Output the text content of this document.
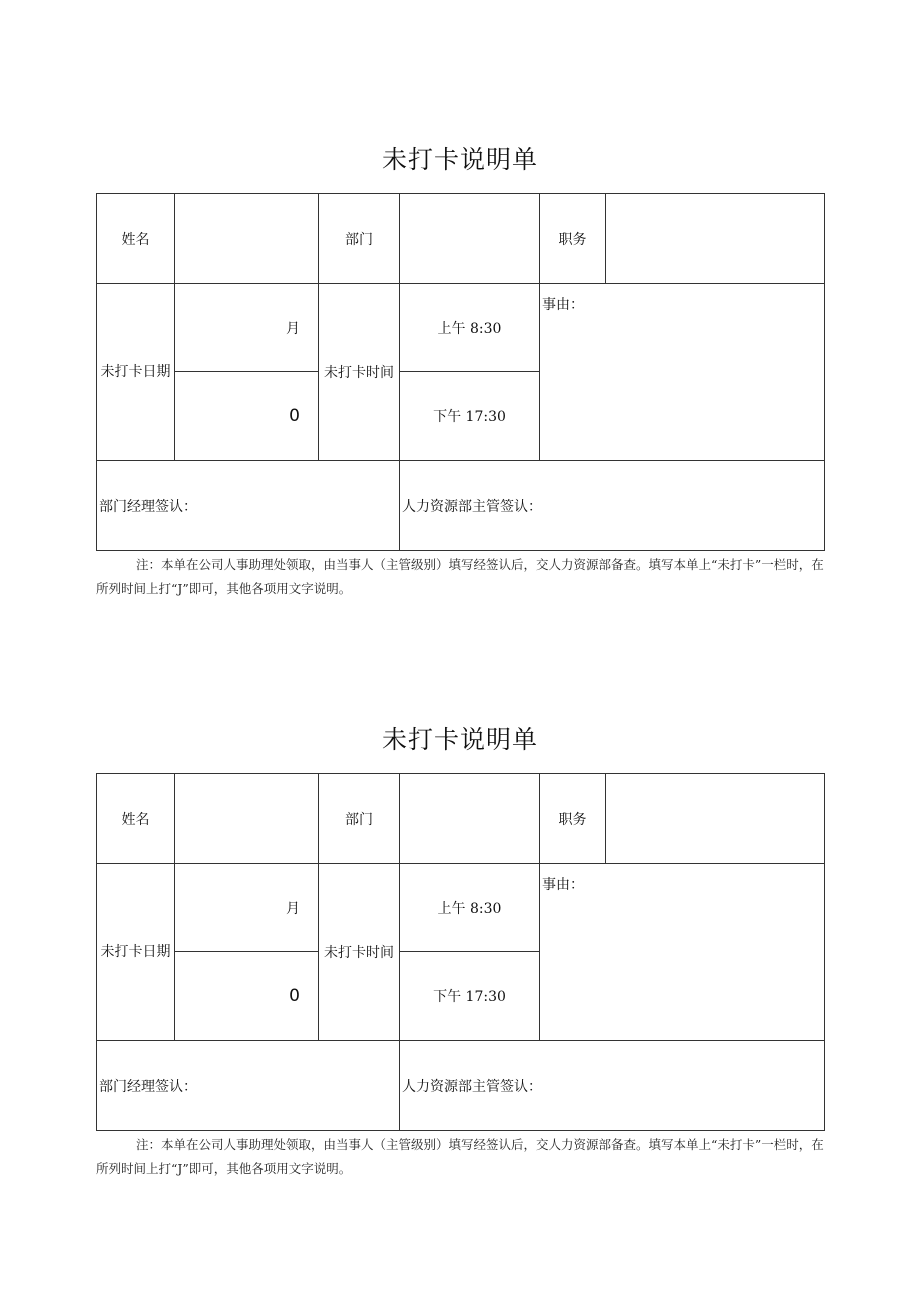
未打卡说明单
姓名		部门		职务	
未打卡日期	月	未打卡时间	上午 8:30	事由：	
	0		下午 17:30		
部门经理签认：			人力资源部主管签认：		
注：本单在公司人事助理处领取，由当事人（主管级别）填写经签认后，交人力资源部备查。填写本单上“未打卡”一栏时，在所列时间上打“J”即可，其他各项用文字说明。
未打卡说明单
姓名		部门		职务	
未打卡日期	月	未打卡时间	上午 8:30	事由：	
	0		下午 17:30		
部门经理签认：			人力资源部主管签认：		
注：本单在公司人事助理处领取，由当事人（主管级别）填写经签认后，交人力资源部备查。填写本单上“未打卡”一栏时，在所列时间上打“J”即可，其他各项用文字说明。
